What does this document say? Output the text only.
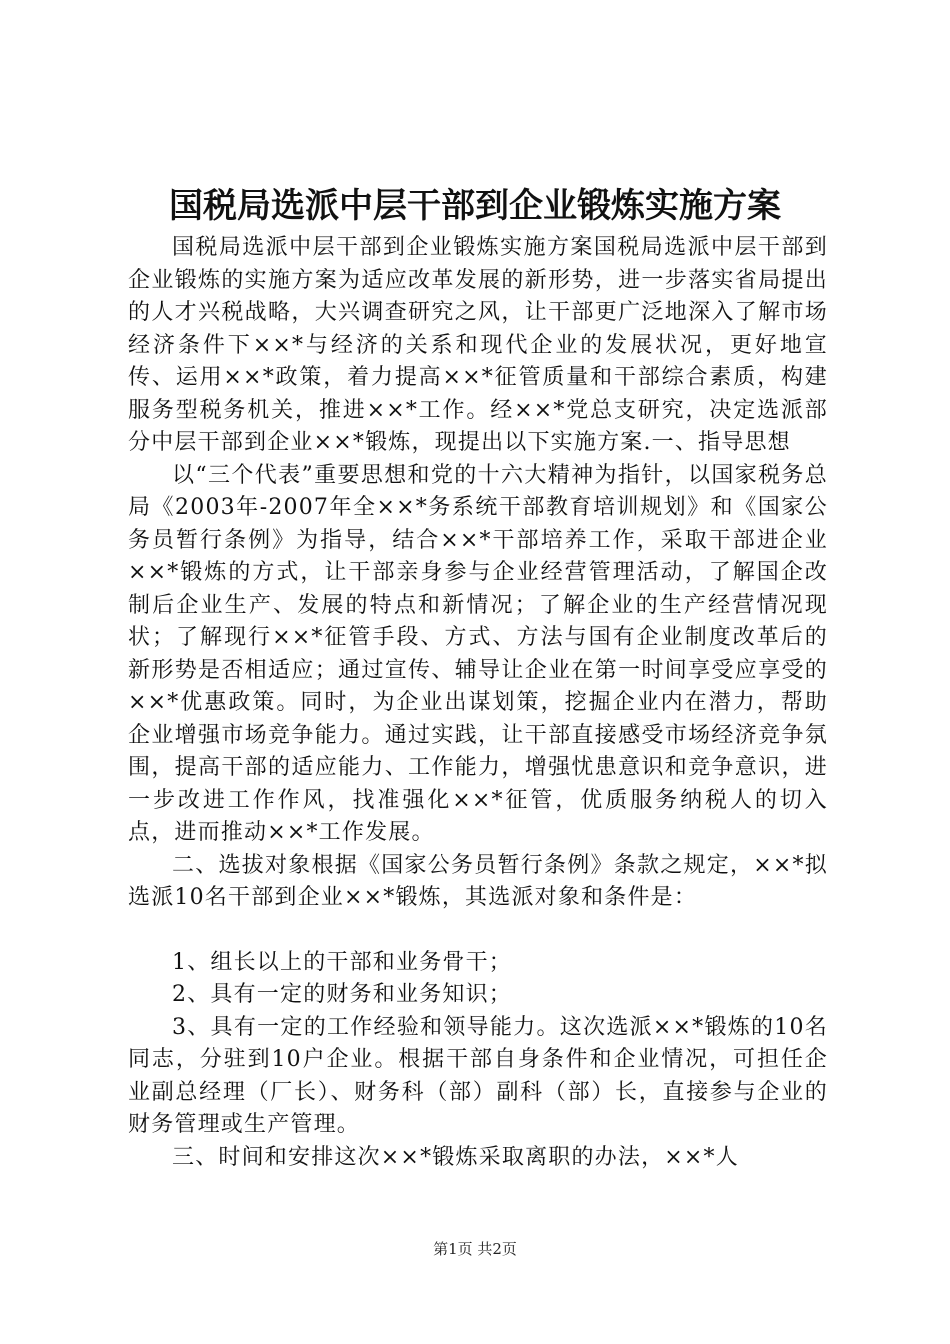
国税局选派中层干部到企业锻炼实施方案

国税局选派中层干部到企业锻炼实施方案国税局选派中层干部到企业锻炼的实施方案为适应改革发展的新形势，进一步落实省局提出的人才兴税战略，大兴调查研究之风，让干部更广泛地深入了解市场经济条件下××*与经济的关系和现代企业的发展状况，更好地宣传、运用××*政策，着力提高××*征管质量和干部综合素质，构建服务型税务机关，推进××*工作。经××*党总支研究，决定选派部分中层干部到企业××*锻炼，现提出以下实施方案.一、指导思想

以“三个代表”重要思想和党的十六大精神为指针，以国家税务总局《2003年-2007年全××*务系统干部教育培训规划》和《国家公务员暂行条例》为指导，结合××*干部培养工作，采取干部进企业××*锻炼的方式，让干部亲身参与企业经营管理活动，了解国企改制后企业生产、发展的特点和新情况；了解企业的生产经营情况现状；了解现行××*征管手段、方式、方法与国有企业制度改革后的新形势是否相适应；通过宣传、辅导让企业在第一时间享受应享受的××*优惠政策。同时，为企业出谋划策，挖掘企业内在潜力，帮助企业增强市场竞争能力。通过实践，让干部直接感受市场经济竞争氛围，提高干部的适应能力、工作能力，增强忧患意识和竞争意识，进一步改进工作作风，找准强化××*征管，优质服务纳税人的切入点，进而推动××*工作发展。

二、选拔对象根据《国家公务员暂行条例》条款之规定，××*拟选派10名干部到企业××*锻炼，其选派对象和条件是：

1、组长以上的干部和业务骨干；

2、具有一定的财务和业务知识；

3、具有一定的工作经验和领导能力。这次选派××*锻炼的10名同志，分驻到10户企业。根据干部自身条件和企业情况，可担任企业副总经理（厂长）、财务科（部）副科（部）长，直接参与企业的财务管理或生产管理。

三、时间和安排这次××*锻炼采取离职的办法，××*人

第1页 共2页
